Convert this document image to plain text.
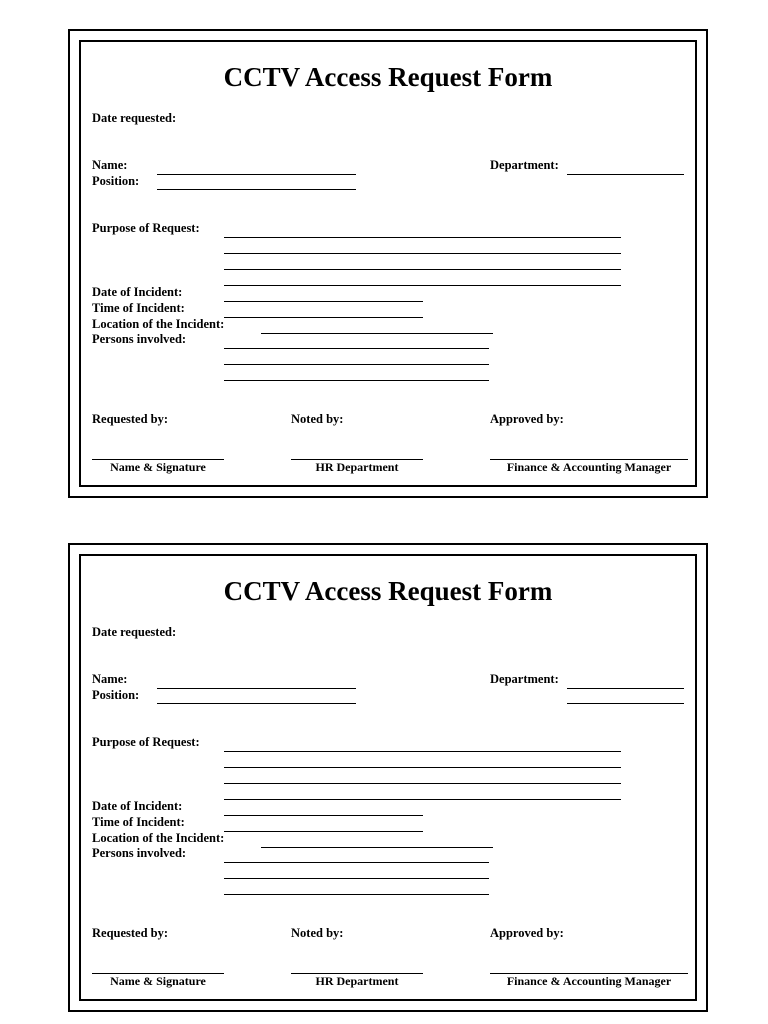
CCTV Access Request Form
Date requested:
Name:
Position:
Department:
Purpose of Request:
Date of Incident:
Time of Incident:
Location of the Incident:
Persons involved:
Requested by:	Noted by:	Approved by:
Name & Signature	HR Department	Finance & Accounting Manager
CCTV Access Request Form
Date requested:
Name:
Position:
Department:
Purpose of Request:
Date of Incident:
Time of Incident:
Location of the Incident:
Persons involved:
Requested by:	Noted by:	Approved by:
Name & Signature	HR Department	Finance & Accounting Manager
